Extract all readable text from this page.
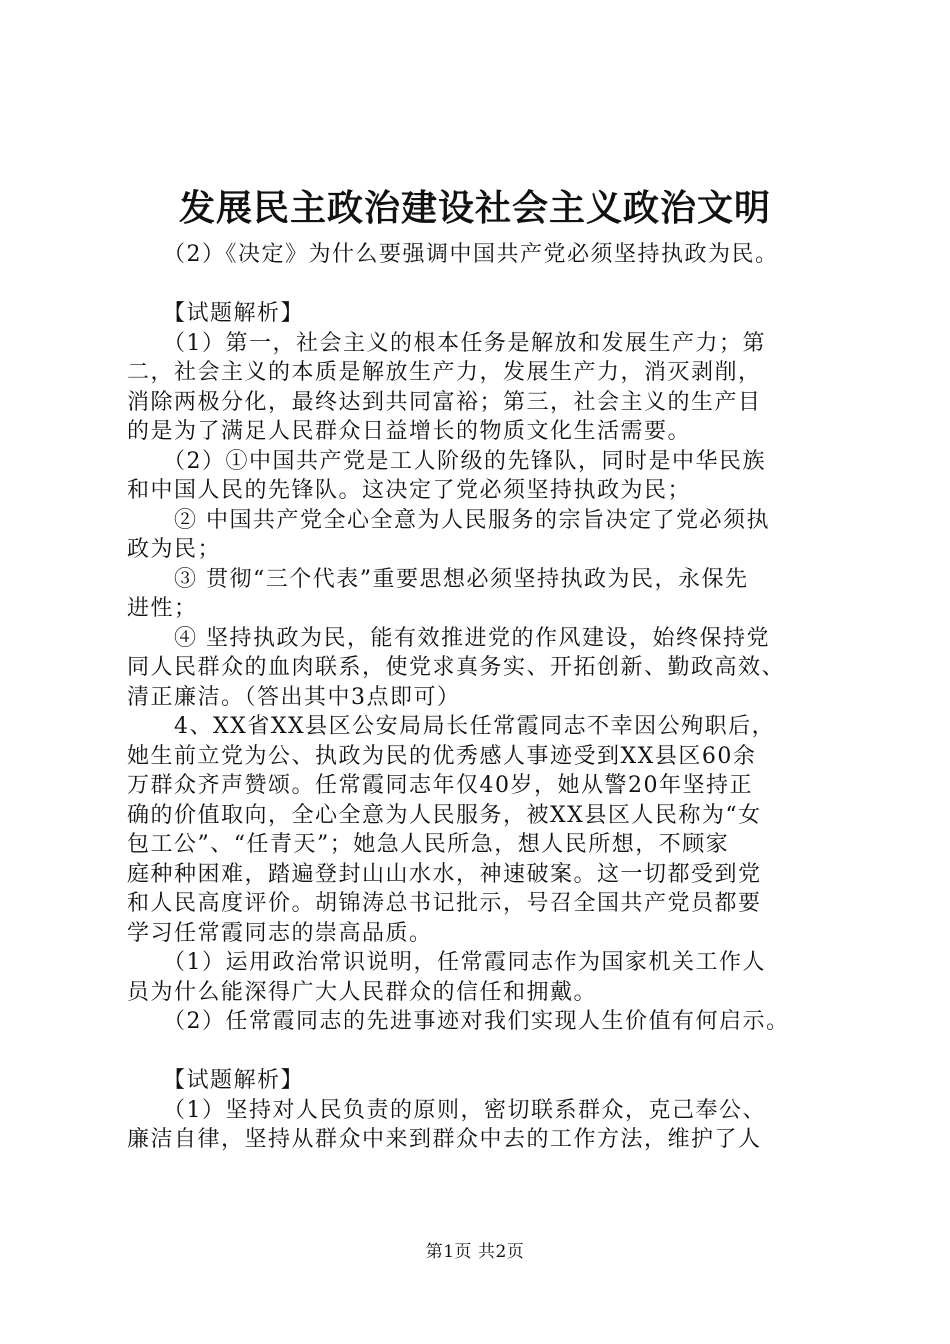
发展民主政治建设社会主义政治文明

　　（2）《决定》为什么要强调中国共产党必须坚持执政为民。

　　【试题解析】

　　（1）第一，社会主义的根本任务是解放和发展生产力；第

二，社会主义的本质是解放生产力，发展生产力，消灭剥削，

消除两极分化，最终达到共同富裕；第三，社会主义的生产目

的是为了满足人民群众日益增长的物质文化生活需要。

　　（2）①中国共产党是工人阶级的先锋队，同时是中华民族

和中国人民的先锋队。这决定了党必须坚持执政为民；

　　② 中国共产党全心全意为人民服务的宗旨决定了党必须执

政为民；

　　③ 贯彻“三个代表”重要思想必须坚持执政为民，永保先

进性；

　　④ 坚持执政为民，能有效推进党的作风建设，始终保持党

同人民群众的血肉联系，使党求真务实、开拓创新、勤政高效、

清正廉洁。（答出其中3点即可）

　　4、XX省XX县区公安局局长任常霞同志不幸因公殉职后，

她生前立党为公、执政为民的优秀感人事迹受到XX县区60余

万群众齐声赞颂。任常霞同志年仅40岁，她从警20年坚持正

确的价值取向，全心全意为人民服务，被XX县区人民称为“女

包工公”、“任青天”；她急人民所急，想人民所想，不顾家

庭种种困难，踏遍登封山山水水，神速破案。这一切都受到党

和人民高度评价。胡锦涛总书记批示，号召全国共产党员都要

学习任常霞同志的崇高品质。

　　（1）运用政治常识说明，任常霞同志作为国家机关工作人

员为什么能深得广大人民群众的信任和拥戴。

　　（2）任常霞同志的先进事迹对我们实现人生价值有何启示。

　　【试题解析】

　　（1）坚持对人民负责的原则，密切联系群众，克己奉公、

廉洁自律，坚持从群众中来到群众中去的工作方法，维护了人

第1页 共2页
